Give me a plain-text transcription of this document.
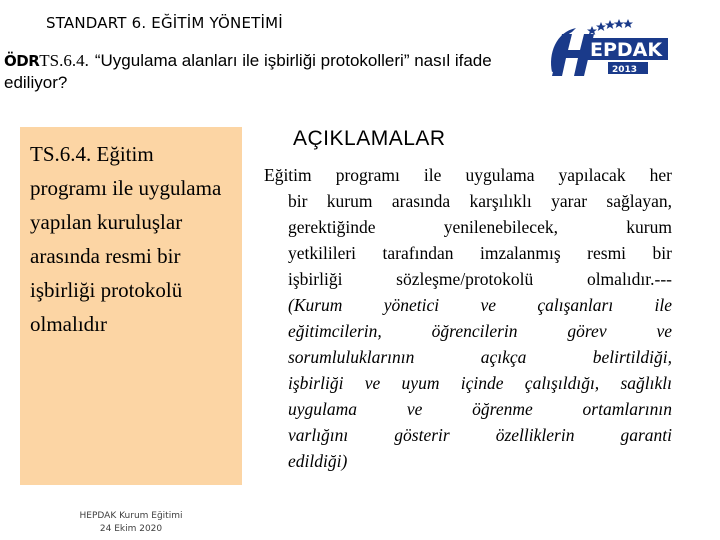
STANDART 6. EĞİTİM YÖNETİMİ
ÖDRTS.6.4. “Uygulama alanları ile işbirliği protokolleri” nasıl ifade ediliyor?
EPDAK
2013
TS.6.4. Eğitim programı ile uygulama yapılan kuruluşlar arasında resmi bir işbirliği protokolü olmalıdır
HEPDAK Kurum Eğitimi
24 Ekim 2020
AÇIKLAMALAR
Eğitim programı ile uygulama yapılacak her
bir kurum arasında karşılıklı yarar sağlayan,
gerektiğinde yenilenebilecek, kurum
yetkilileri tarafından imzalanmış resmi bir
işbirliği sözleşme/protokolü olmalıdır.---
(Kurum yönetici ve çalışanları ile
eğitimcilerin, öğrencilerin görev ve
sorumluluklarının açıkça belirtildiği,
işbirliği ve uyum içinde çalışıldığı, sağlıklı
uygulama ve öğrenme ortamlarının
varlığını gösterir özelliklerin garanti
edildiği)
